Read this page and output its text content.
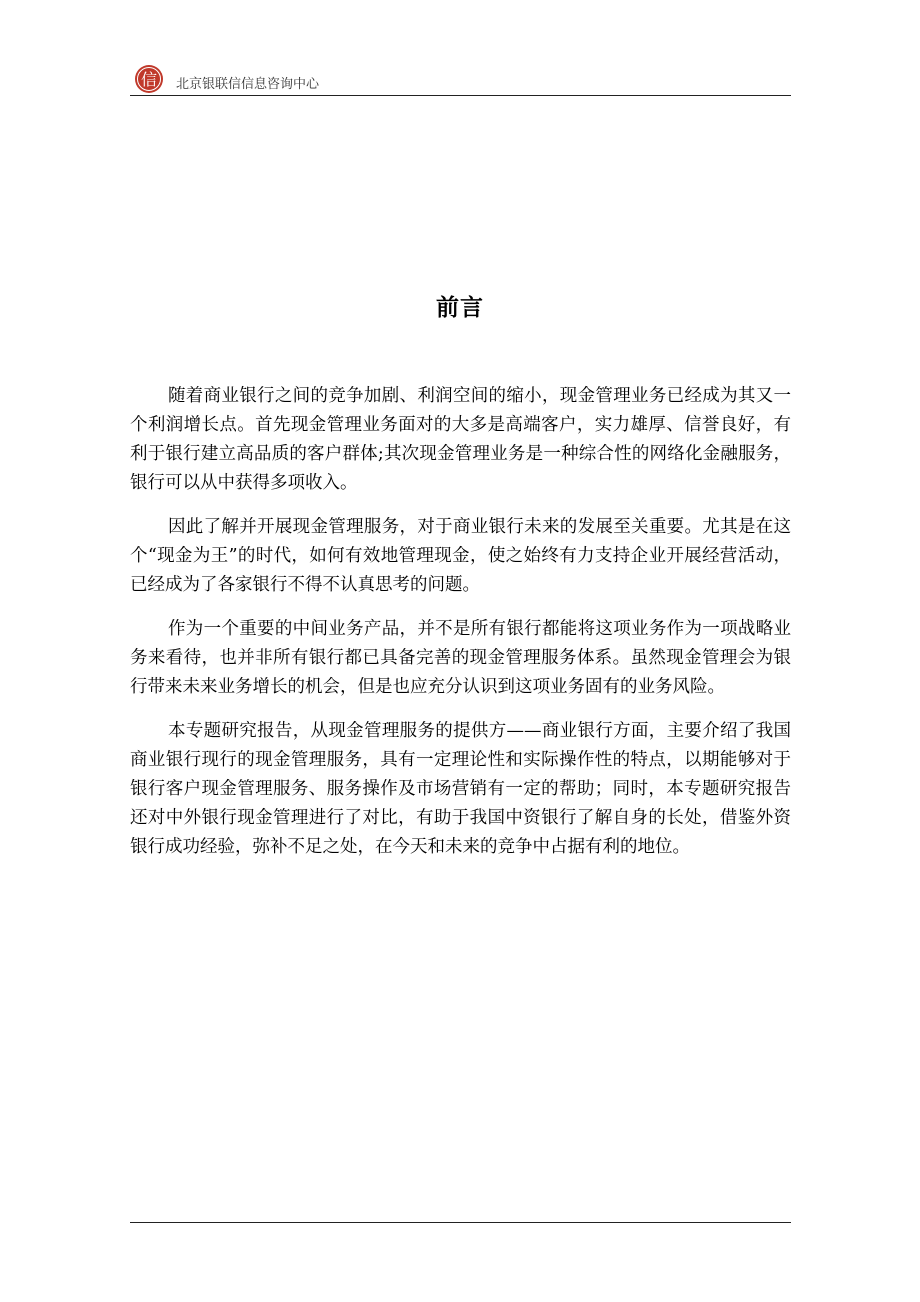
信 北京银联信信息咨询中心
前言

随着商业银行之间的竞争加剧、利润空间的缩小，现金管理业务已经成为其又一个利润增长点。首先现金管理业务面对的大多是高端客户，实力雄厚、信誉良好，有利于银行建立高品质的客户群体;其次现金管理业务是一种综合性的网络化金融服务，银行可以从中获得多项收入。

因此了解并开展现金管理服务，对于商业银行未来的发展至关重要。尤其是在这个“现金为王”的时代，如何有效地管理现金，使之始终有力支持企业开展经营活动，已经成为了各家银行不得不认真思考的问题。

作为一个重要的中间业务产品，并不是所有银行都能将这项业务作为一项战略业务来看待，也并非所有银行都已具备完善的现金管理服务体系。虽然现金管理会为银行带来未来业务增长的机会，但是也应充分认识到这项业务固有的业务风险。

本专题研究报告，从现金管理服务的提供方——商业银行方面，主要介绍了我国商业银行现行的现金管理服务，具有一定理论性和实际操作性的特点，以期能够对于银行客户现金管理服务、服务操作及市场营销有一定的帮助；同时，本专题研究报告还对中外银行现金管理进行了对比，有助于我国中资银行了解自身的长处，借鉴外资银行成功经验，弥补不足之处，在今天和未来的竞争中占据有利的地位。
